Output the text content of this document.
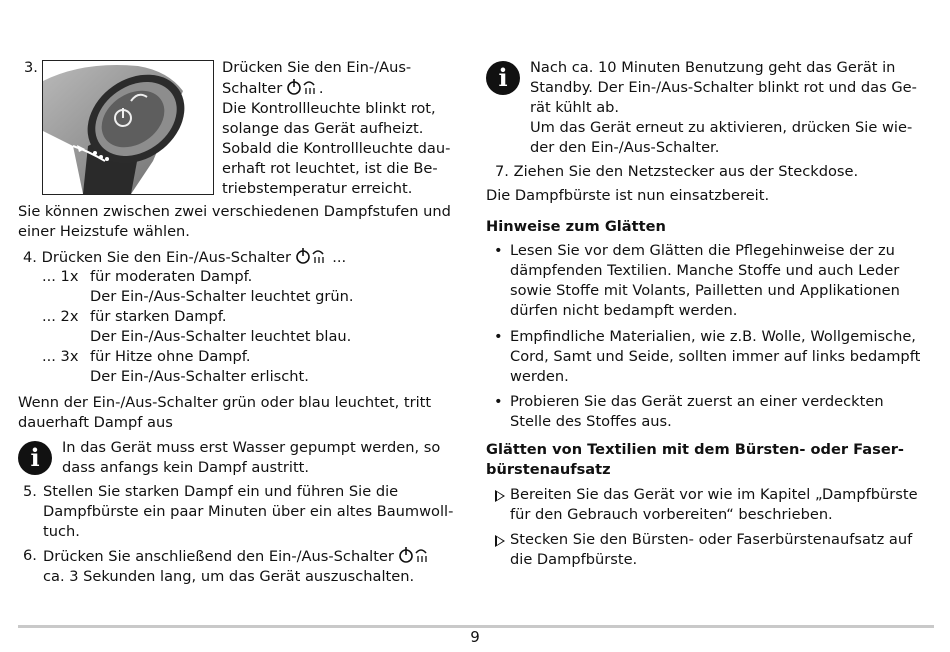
3.	Drücken Sie den Ein-/Aus-
Schalter	.
Die Kontrollleuchte blinkt rot,
solange das Gerät aufheizt.
Sobald die Kontrollleuchte dau-
erhaft rot leuchtet, ist die Be-
triebstemperatur erreicht.
Sie können zwischen zwei verschiedenen Dampfstufen und
einer Heizstufe wählen.
4. Drücken Sie den Ein-/Aus-Schalter	...
... 1x für moderaten Dampf.
Der Ein-/Aus-Schalter leuchtet grün.
... 2x für starken Dampf.
Der Ein-/Aus-Schalter leuchtet blau.
... 3x für Hitze ohne Dampf.
Der Ein-/Aus-Schalter erlischt.
Wenn der Ein-/Aus-Schalter grün oder blau leuchtet, tritt
dauerhaft Dampf aus
i	In das Gerät muss erst Wasser gepumpt werden, so
dass anfangs kein Dampf austritt.
5. Stellen Sie starken Dampf ein und führen Sie die
Dampfbürste ein paar Minuten über ein altes Baumwoll-
tuch.
6. Drücken Sie anschließend den Ein-/Aus-Schalter
ca. 3 Sekunden lang, um das Gerät auszuschalten.
i	Nach ca. 10 Minuten Benutzung geht das Gerät in
Standby. Der Ein-/Aus-Schalter blinkt rot und das Ge-
rät kühlt ab.
Um das Gerät erneut zu aktivieren, drücken Sie wie-
der den Ein-/Aus-Schalter.
7. Ziehen Sie den Netzstecker aus der Steckdose.
Die Dampfbürste ist nun einsatzbereit.
Hinweise zum Glätten
• Lesen Sie vor dem Glätten die Pflegehinweise der zu
dämpfenden Textilien. Manche Stoffe und auch Leder
sowie Stoffe mit Volants, Pailletten und Applikationen
dürfen nicht bedampft werden.
• Empfindliche Materialien, wie z.B. Wolle, Wollgemische,
Cord, Samt und Seide, sollten immer auf links bedampft
werden.
• Probieren Sie das Gerät zuerst an einer verdeckten
Stelle des Stoffes aus.
Glätten von Textilien mit dem Bürsten- oder Faser-
bürstenaufsatz
Bereiten Sie das Gerät vor wie im Kapitel „Dampfbürste
für den Gebrauch vorbereiten“ beschrieben.
Stecken Sie den Bürsten- oder Faserbürstenaufsatz auf
die Dampfbürste.
9
